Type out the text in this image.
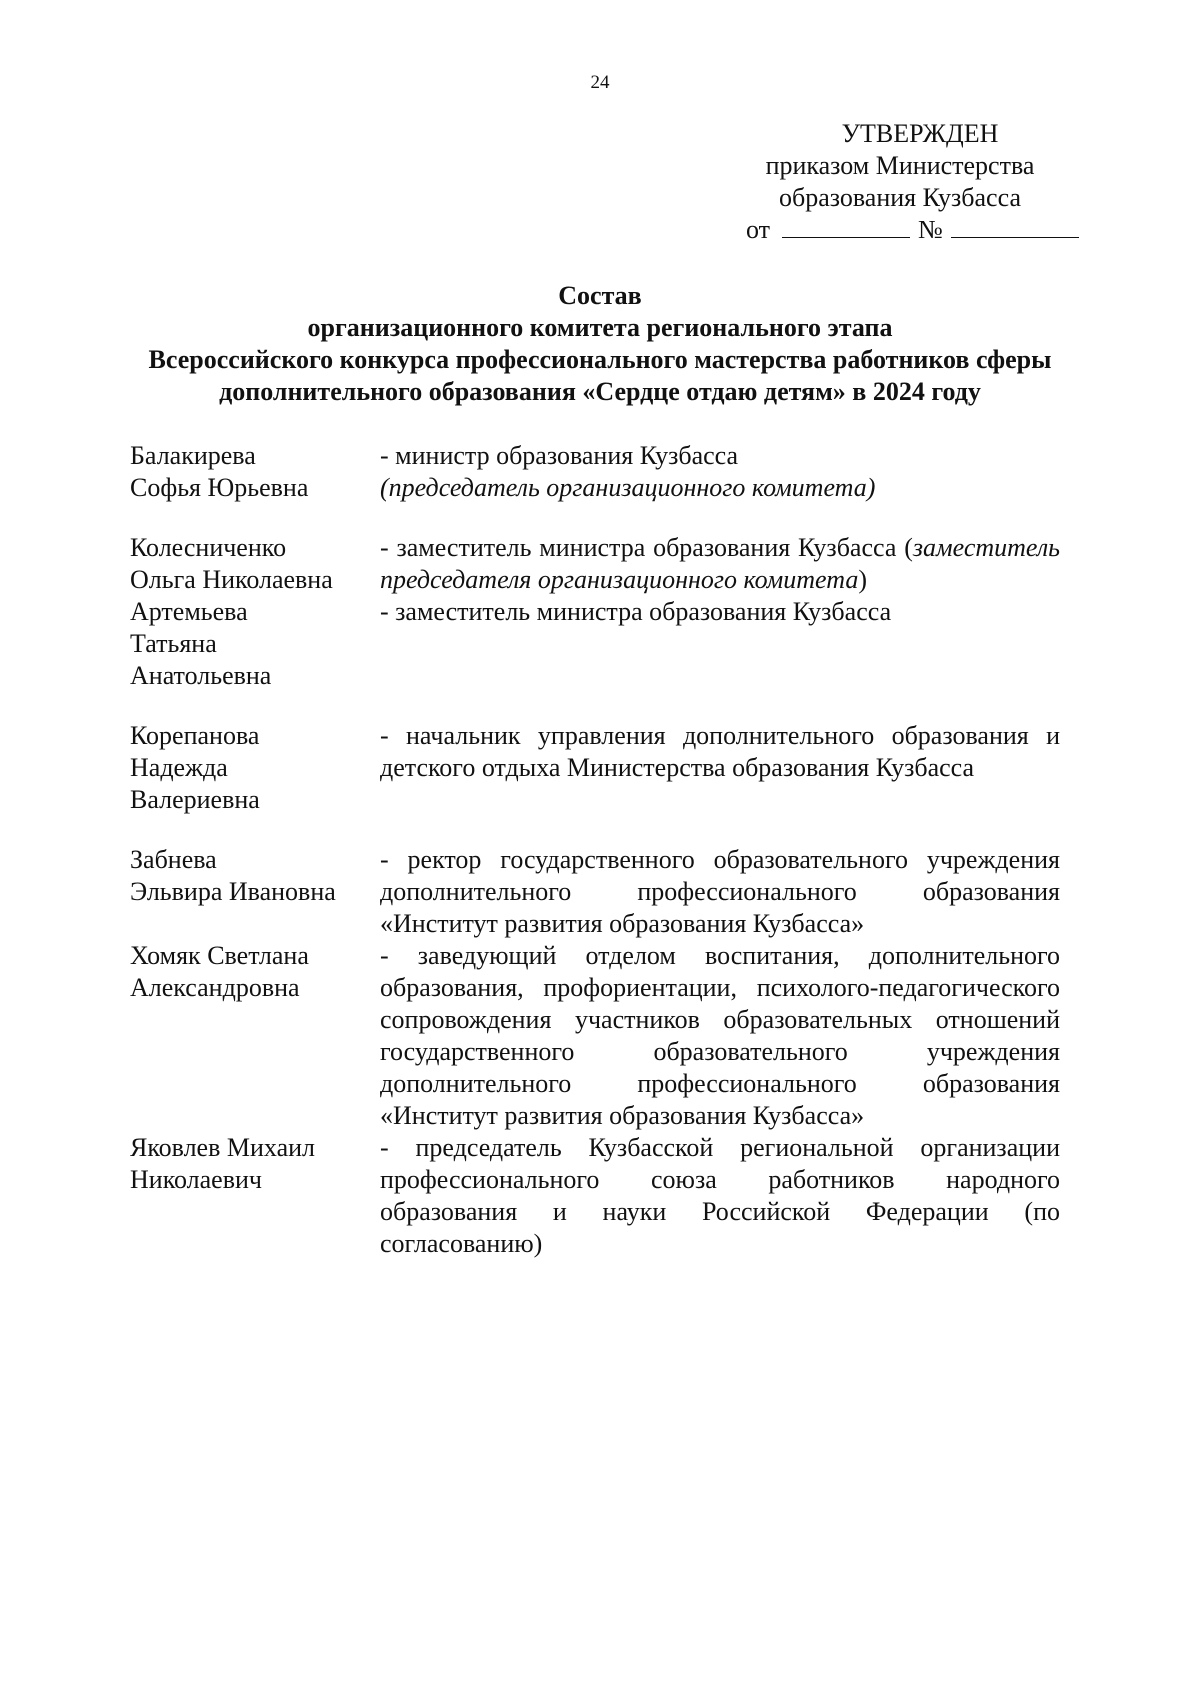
24
УТВЕРЖДЕН
приказом Министерства
образования Кузбасса
от	№
Состав
организационного комитета регионального этапа
Всероссийского конкурса профессионального мастерства работников сферы
дополнительного образования «Сердце отдаю детям» в 2024 году
Балакирева
Софья Юрьевна
- министр образования Кузбасса
(председатель организационного комитета)
Колесниченко
Ольга Николаевна
- заместитель министра образования Кузбасса (заместитель председателя организационного комитета)
Артемьева
Татьяна
Анатольевна
- заместитель министра образования Кузбасса
Корепанова
Надежда
Валериевна
- начальник управления дополнительного образования и детского отдыха Министерства образования Кузбасса
Забнева
Эльвира Ивановна
- ректор государственного образовательного учреждения дополнительного профессионального образования «Институт развития образования Кузбасса»
Хомяк Светлана
Александровна
- заведующий отделом воспитания, дополнительного образования, профориентации, психолого-педагогического сопровождения участников образовательных отношений государственного образовательного учреждения дополнительного профессионального образования «Институт развития образования Кузбасса»
Яковлев Михаил
Николаевич
- председатель Кузбасской региональной организации профессионального союза работников народного образования и науки Российской Федерации (по согласованию)
